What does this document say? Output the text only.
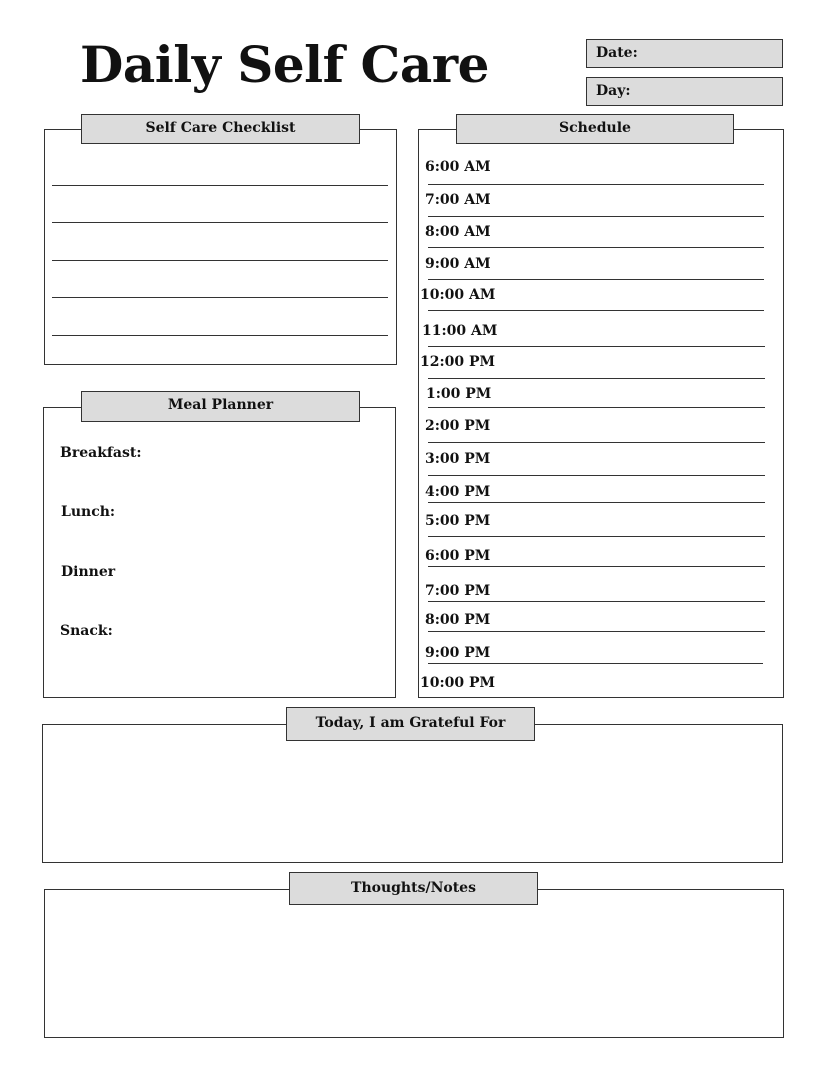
Daily Self Care	Date:
Day:
Self Care Checklist
Meal Planner
Breakfast:
Lunch:
Dinner
Snack:
Schedule
6:00 AM
7:00 AM
8:00 AM
9:00 AM
10:00 AM
11:00 AM
12:00 PM
1:00 PM
2:00 PM
3:00 PM
4:00 PM
5:00 PM
6:00 PM
7:00 PM
8:00 PM
9:00 PM
10:00 PM
Today, I am Grateful For
Thoughts/Notes
